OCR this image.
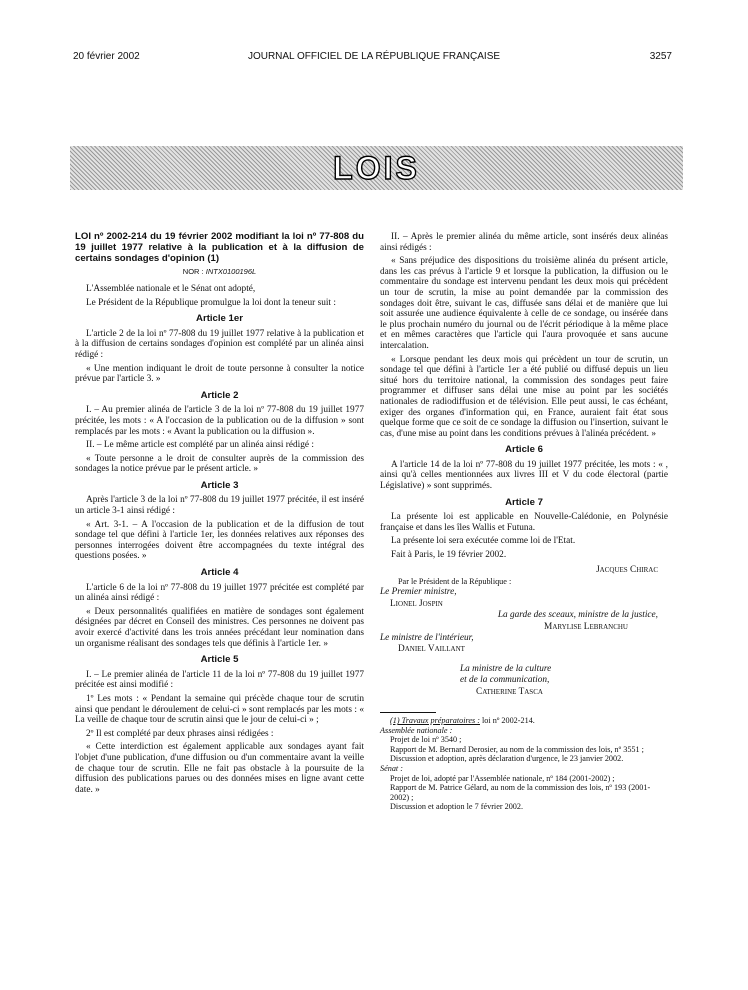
20 février 2002	JOURNAL OFFICIEL DE LA RÉPUBLIQUE FRANÇAISE	3257
LOIS

LOI nº 2002-214 du 19 février 2002 modifiant la loi nº 77-808 du 19 juillet 1977 relative à la publication et à la diffusion de certains sondages d'opinion (1)

NOR : INTX0100196L

L'Assemblée nationale et le Sénat ont adopté,

Le Président de la République promulgue la loi dont la teneur suit :

Article 1er

L'article 2 de la loi nº 77-808 du 19 juillet 1977 relative à la publication et à la diffusion de certains sondages d'opinion est complété par un alinéa ainsi rédigé :

« Une mention indiquant le droit de toute personne à consulter la notice prévue par l'article 3. »

Article 2

I. – Au premier alinéa de l'article 3 de la loi nº 77-808 du 19 juillet 1977 précitée, les mots : « A l'occasion de la publication ou de la diffusion » sont remplacés par les mots : « Avant la publication ou la diffusion ».

II. – Le même article est complété par un alinéa ainsi rédigé :

« Toute personne a le droit de consulter auprès de la commission des sondages la notice prévue par le présent article. »

Article 3

Après l'article 3 de la loi nº 77-808 du 19 juillet 1977 précitée, il est inséré un article 3-1 ainsi rédigé :

« Art. 3-1. – A l'occasion de la publication et de la diffusion de tout sondage tel que défini à l'article 1er, les données relatives aux réponses des personnes interrogées doivent être accompagnées du texte intégral des questions posées. »

Article 4

L'article 6 de la loi nº 77-808 du 19 juillet 1977 précitée est complété par un alinéa ainsi rédigé :

« Deux personnalités qualifiées en matière de sondages sont également désignées par décret en Conseil des ministres. Ces personnes ne doivent pas avoir exercé d'activité dans les trois années précédant leur nomination dans un organisme réalisant des sondages tels que définis à l'article 1er. »

Article 5

I. – Le premier alinéa de l'article 11 de la loi nº 77-808 du 19 juillet 1977 précitée est ainsi modifié :

1º Les mots : « Pendant la semaine qui précède chaque tour de scrutin ainsi que pendant le déroulement de celui-ci » sont remplacés par les mots : « La veille de chaque tour de scrutin ainsi que le jour de celui-ci » ;

2º Il est complété par deux phrases ainsi rédigées :

« Cette interdiction est également applicable aux sondages ayant fait l'objet d'une publication, d'une diffusion ou d'un commentaire avant la veille de chaque tour de scrutin. Elle ne fait pas obstacle à la poursuite de la diffusion des publications parues ou des données mises en ligne avant cette date. »

II. – Après le premier alinéa du même article, sont insérés deux alinéas ainsi rédigés :

« Sans préjudice des dispositions du troisième alinéa du présent article, dans les cas prévus à l'article 9 et lorsque la publication, la diffusion ou le commentaire du sondage est intervenu pendant les deux mois qui précèdent un tour de scrutin, la mise au point demandée par la commission des sondages doit être, suivant le cas, diffusée sans délai et de manière que lui soit assurée une audience équivalente à celle de ce sondage, ou insérée dans le plus prochain numéro du journal ou de l'écrit périodique à la même place et en mêmes caractères que l'article qui l'aura provoquée et sans aucune intercalation.

« Lorsque pendant les deux mois qui précèdent un tour de scrutin, un sondage tel que défini à l'article 1er a été publié ou diffusé depuis un lieu situé hors du territoire national, la commission des sondages peut faire programmer et diffuser sans délai une mise au point par les sociétés nationales de radiodiffusion et de télévision. Elle peut aussi, le cas échéant, exiger des organes d'information qui, en France, auraient fait état sous quelque forme que ce soit de ce sondage la diffusion ou l'insertion, suivant le cas, d'une mise au point dans les conditions prévues à l'alinéa précédent. »

Article 6

A l'article 14 de la loi nº 77-808 du 19 juillet 1977 précitée, les mots : « , ainsi qu'à celles mentionnées aux livres III et V du code électoral (partie Législative) » sont supprimés.

Article 7

La présente loi est applicable en Nouvelle-Calédonie, en Polynésie française et dans les îles Wallis et Futuna.

La présente loi sera exécutée comme loi de l'Etat.

Fait à Paris, le 19 février 2002.

Jacques Chirac
Par le Président de la République :
Le Premier ministre,
Lionel Jospin
La garde des sceaux, ministre de la justice,
Marylise Lebranchu
Le ministre de l'intérieur,
Daniel Vaillant
La ministre de la culture
et de la communication,
Catherine Tasca
(1) Travaux préparatoires : loi nº 2002-214.
Assemblée nationale :
Projet de loi nº 3540 ;
Rapport de M. Bernard Derosier, au nom de la commission des lois, nº 3551 ;
Discussion et adoption, après déclaration d'urgence, le 23 janvier 2002.
Sénat :
Projet de loi, adopté par l'Assemblée nationale, nº 184 (2001-2002) ;
Rapport de M. Patrice Gélard, au nom de la commission des lois, nº 193 (2001-2002) ;
Discussion et adoption le 7 février 2002.
